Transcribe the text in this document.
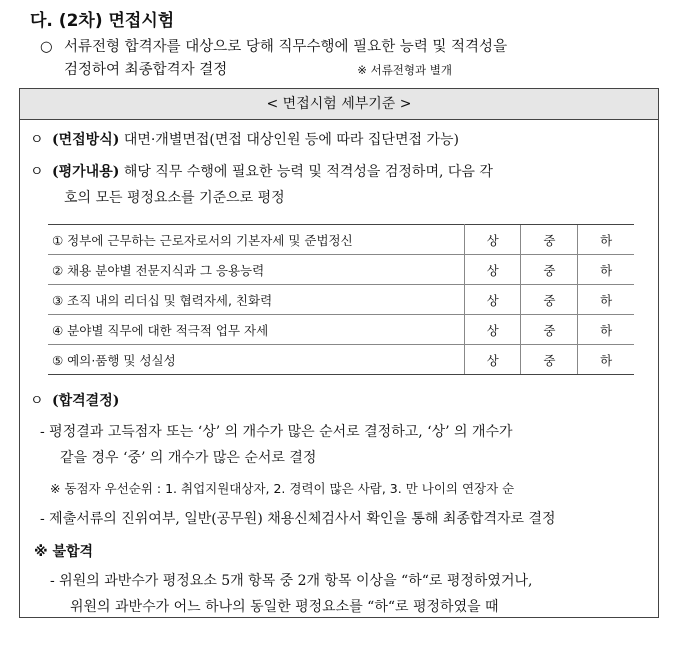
다. (2차) 면접시험
○ 서류전형 합격자를 대상으로 당해 직무수행에 필요한 능력 및 적격성을
검정하여 최종합격자 결정	※ 서류전형과 별개
< 면접시험 세부기준 >
ㅇ (면접방식) 대면·개별면접(면접 대상인원 등에 따라 집단면접 가능)
ㅇ (평가내용) 해당 직무 수행에 필요한 능력 및 적격성을 검정하며, 다음 각
호의 모든 평정요소를 기준으로 평정
① 정부에 근무하는 근로자로서의 기본자세 및 준법정신	상	중	하
② 채용 분야별 전문지식과 그 응용능력	상	중	하
③ 조직 내의 리더십 및 협력자세, 친화력	상	중	하
④ 분야별 직무에 대한 적극적 업무 자세	상	중	하
⑤ 예의·품행 및 성실성	상	중	하
ㅇ (합격결정)
- 평정결과 고득점자 또는 ‘상’ 의 개수가 많은 순서로 결정하고, ‘상’ 의 개수가
같을 경우 ‘중’ 의 개수가 많은 순서로 결정
※ 동점자 우선순위 : 1. 취업지원대상자, 2. 경력이 많은 사람, 3. 만 나이의 연장자 순
- 제출서류의 진위여부, 일반(공무원) 채용신체검사서 확인을 통해 최종합격자로 결정
※ 불합격
- 위원의 과반수가 평정요소 5개 항목 중 2개 항목 이상을 “하“로 평정하였거나,
위원의 과반수가 어느 하나의 동일한 평정요소를 “하“로 평정하였을 때
